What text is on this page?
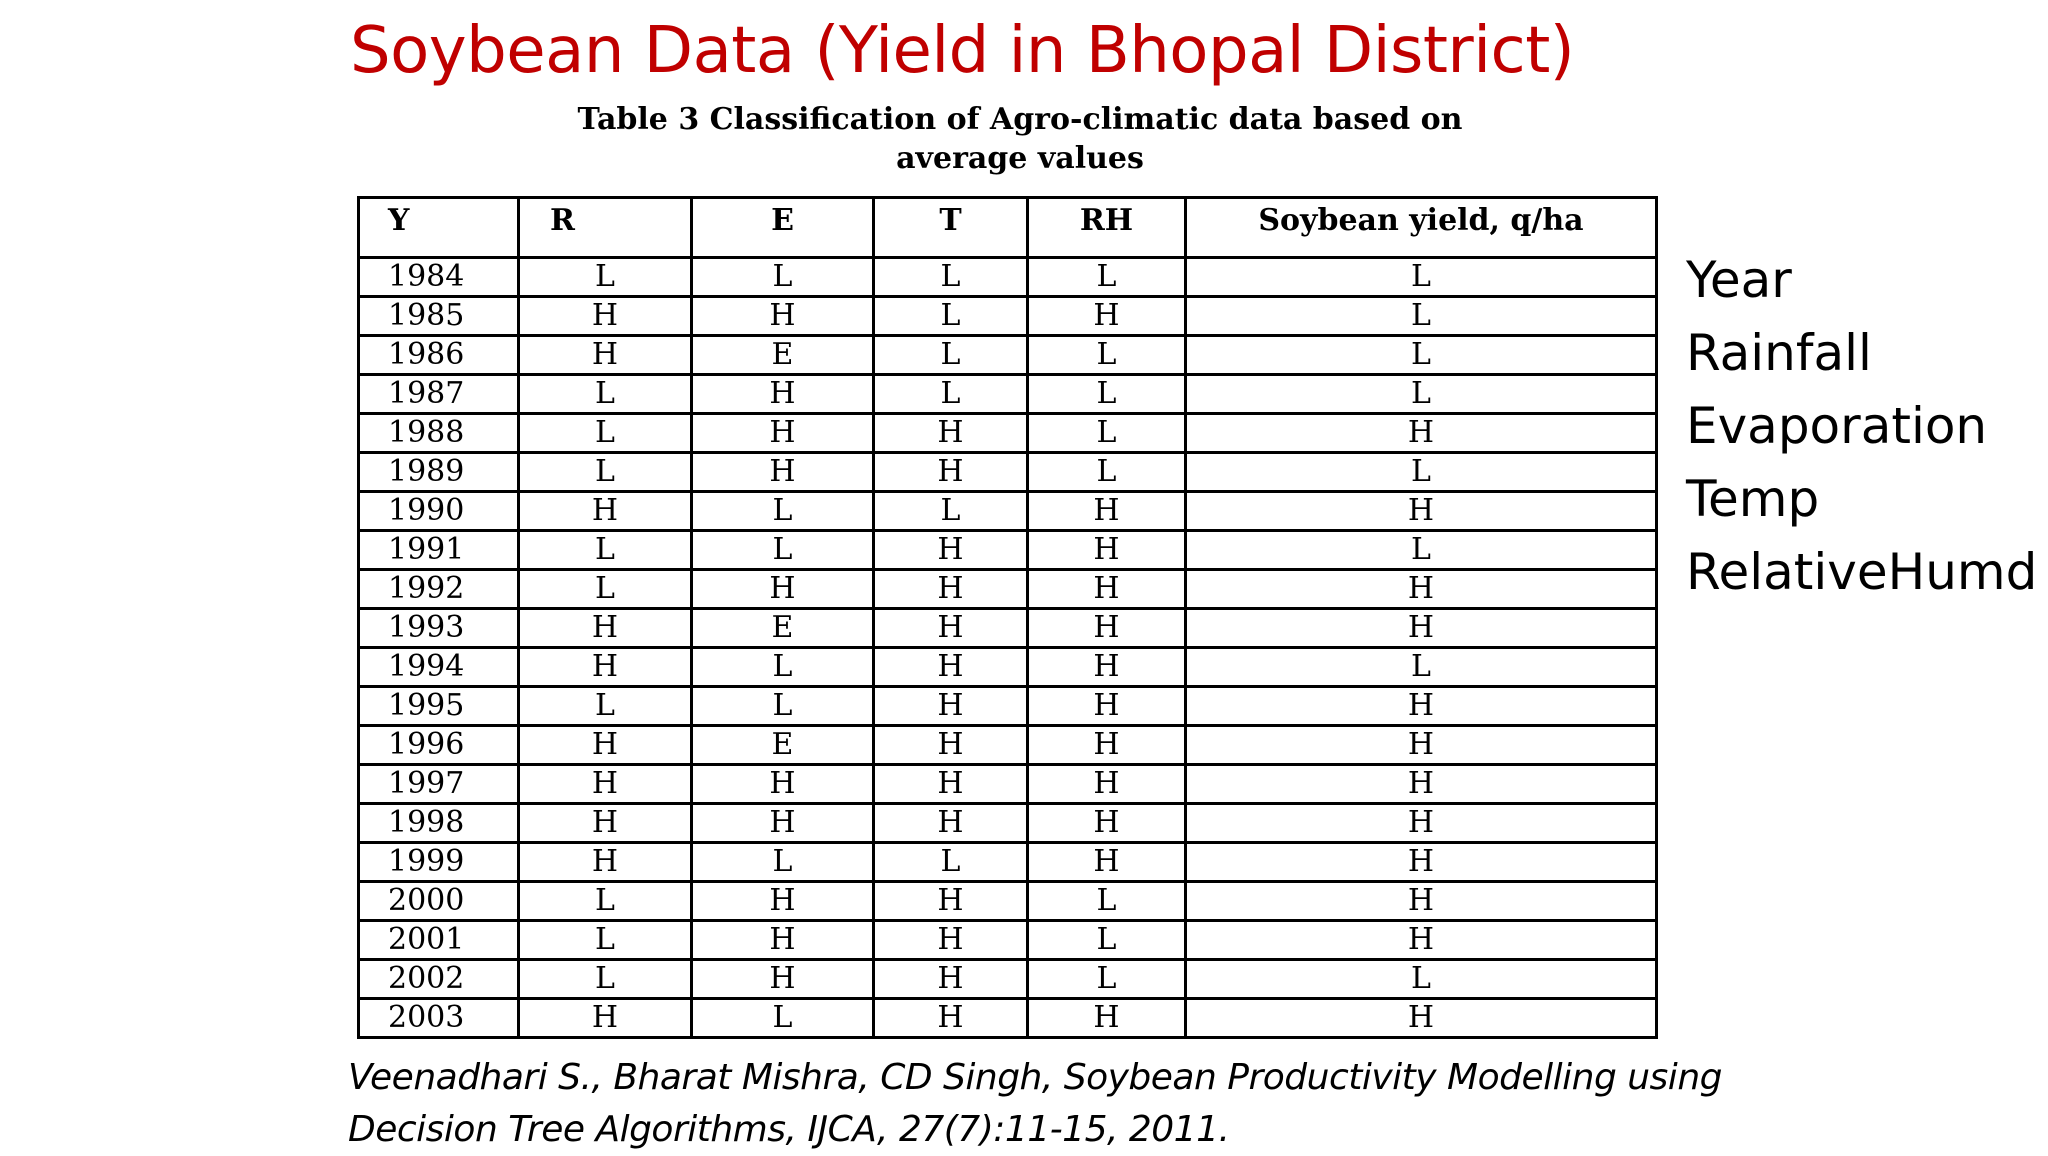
Soybean Data (Yield in Bhopal District)
Table 3 Classification of Agro-climatic data based on
average values
Y	R	E	T	RH	Soybean yield, q/ha
1984	L	L	L	L	L
1985	H	H	L	H	L
1986	H	E	L	L	L
1987	L	H	L	L	L
1988	L	H	H	L	H
1989	L	H	H	L	L
1990	H	L	L	H	H
1991	L	L	H	H	L
1992	L	H	H	H	H
1993	H	E	H	H	H
1994	H	L	H	H	L
1995	L	L	H	H	H
1996	H	E	H	H	H
1997	H	H	H	H	H
1998	H	H	H	H	H
1999	H	L	L	H	H
2000	L	H	H	L	H
2001	L	H	H	L	H
2002	L	H	H	L	L
2003	H	L	H	H	H
Year
Rainfall
Evaporation
Temp
RelativeHumd
Veenadhari S., Bharat Mishra, CD Singh, Soybean Productivity Modelling using
Decision Tree Algorithms, IJCA, 27(7):11-15, 2011.
